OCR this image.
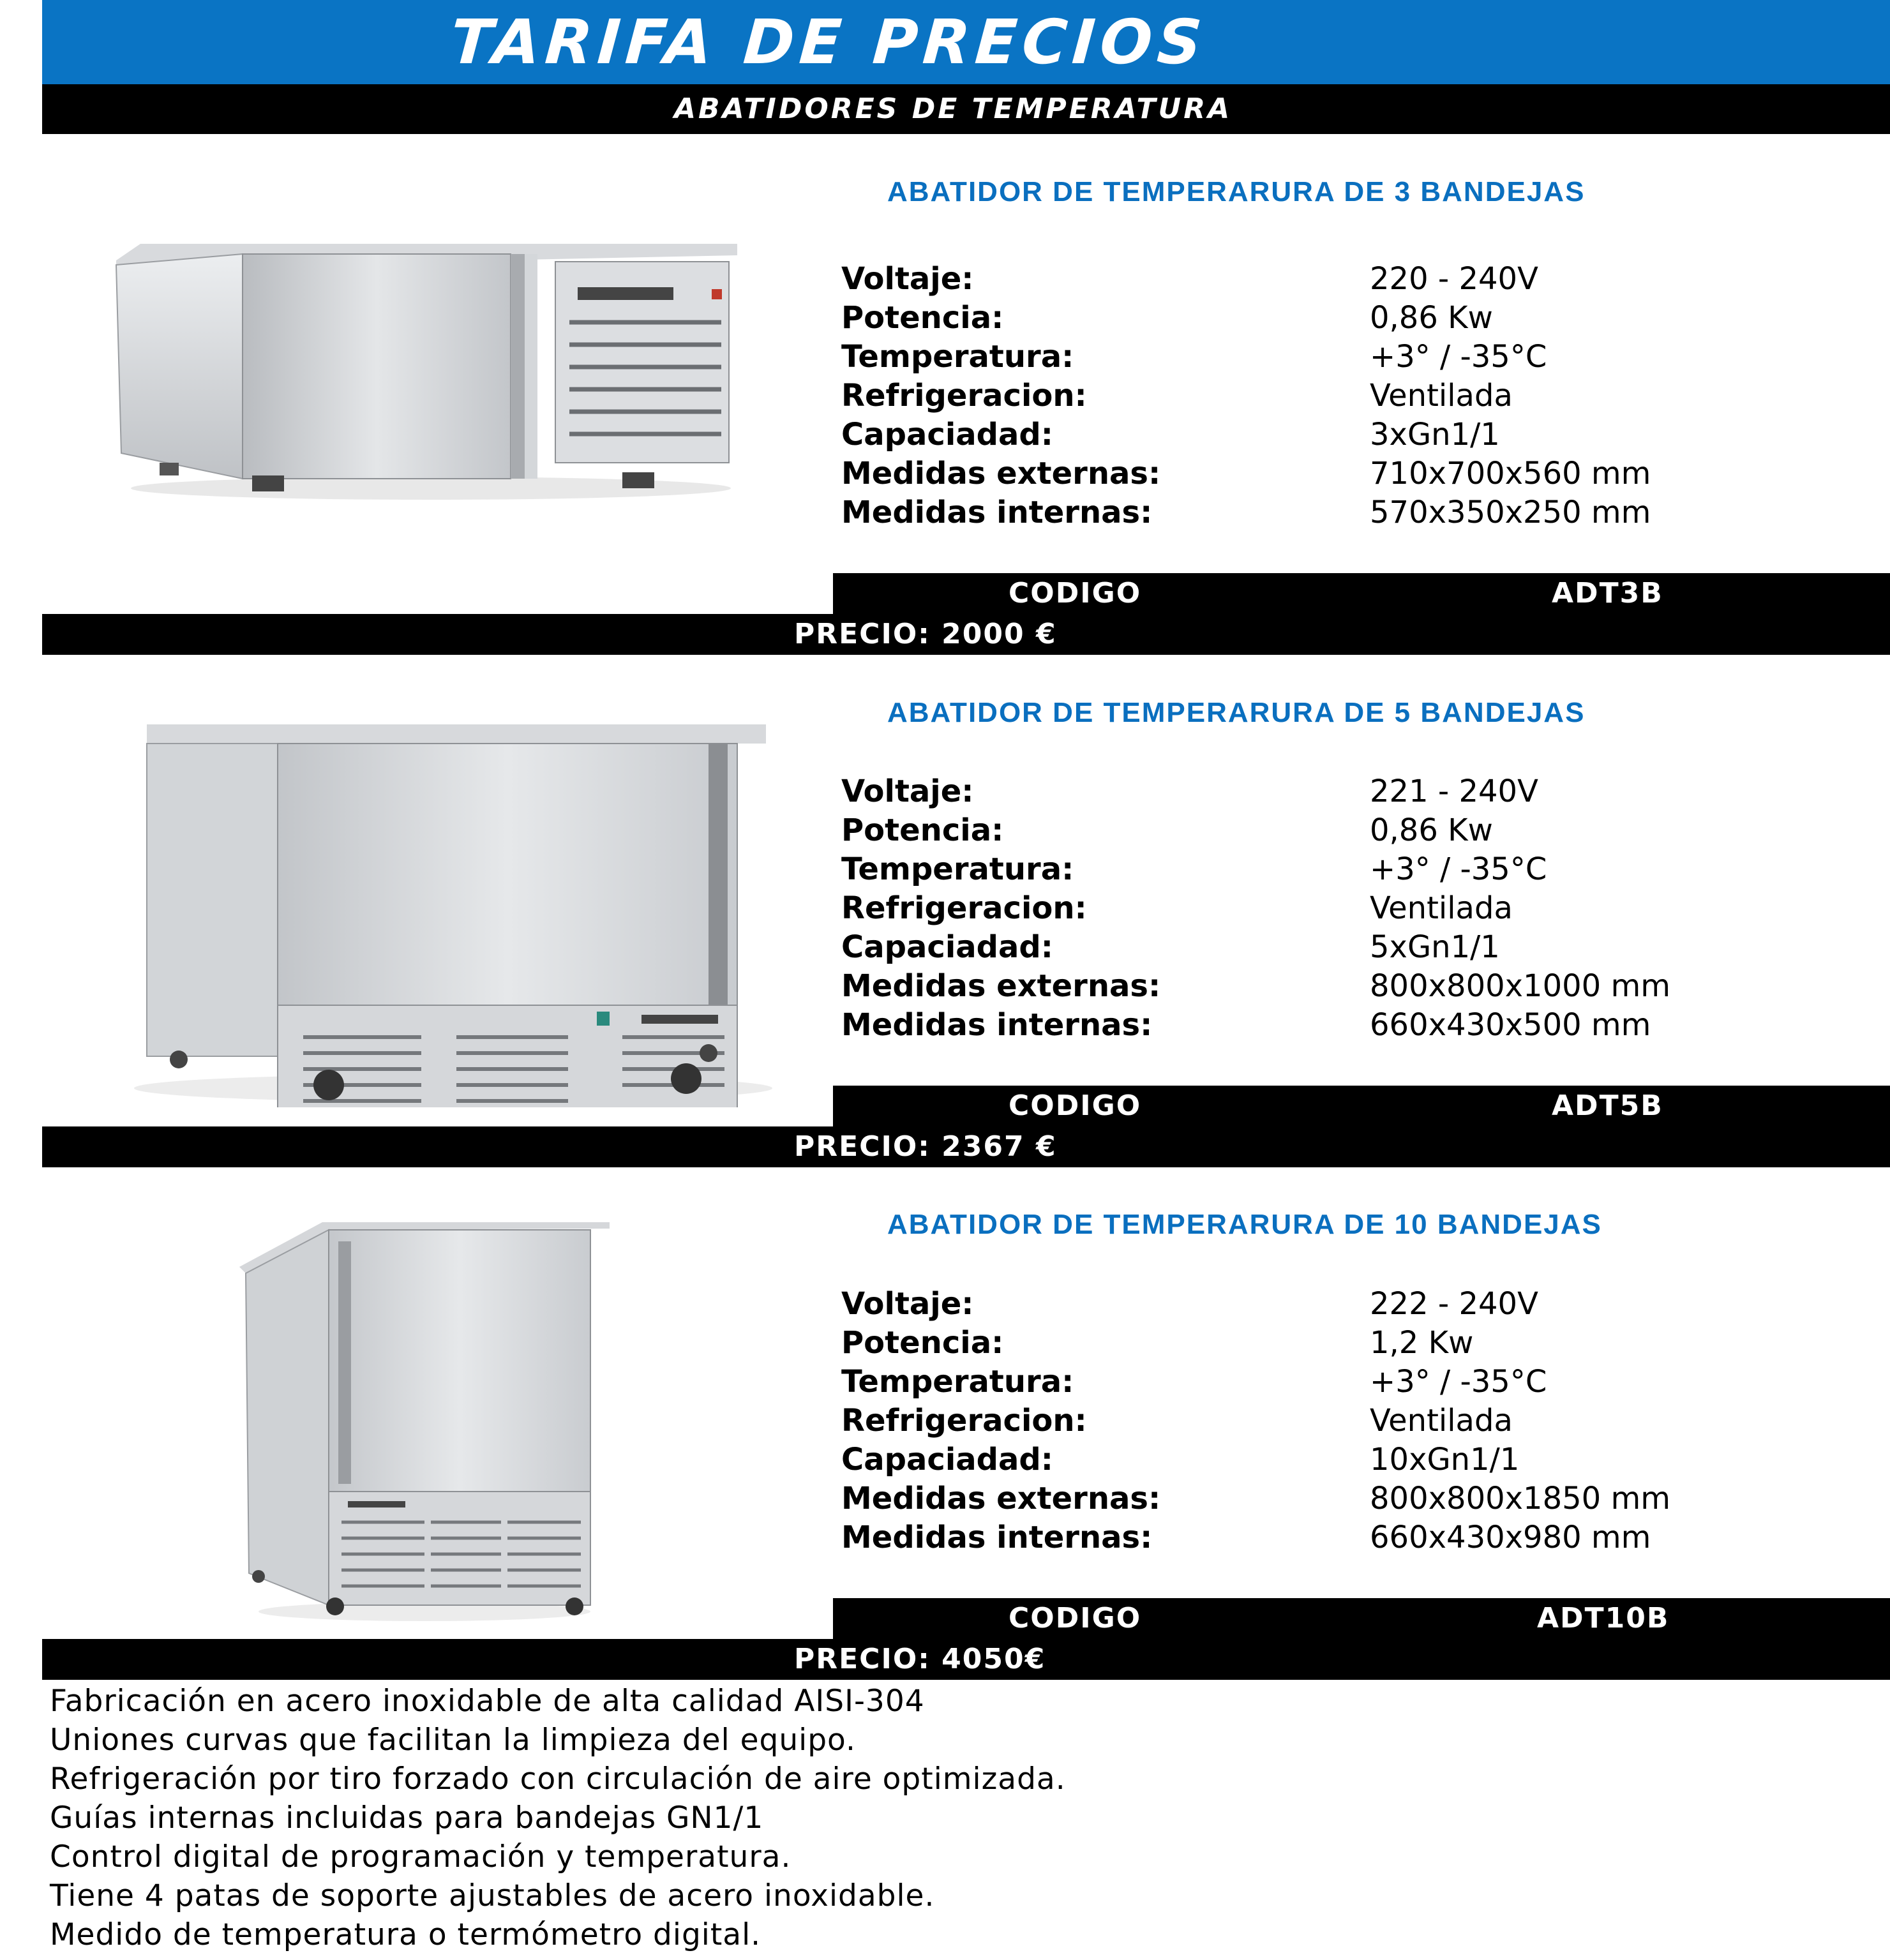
TARIFA DE PRECIOS
ABATIDORES DE TEMPERATURA
ABATIDOR DE TEMPERARURA DE 3 BANDEJAS
Voltaje:	220 - 240V
Potencia:	0,86 Kw
Temperatura:	+3° / -35°C
Refrigeracion:	Ventilada
Capaciadad:	3xGn1/1
Medidas externas:	710x700x560 mm
Medidas internas:	570x350x250 mm
CODIGO	ADT3B
PRECIO: 2000 €
ABATIDOR DE TEMPERARURA DE 5 BANDEJAS
Voltaje:	221 - 240V
Potencia:	0,86 Kw
Temperatura:	+3° / -35°C
Refrigeracion:	Ventilada
Capaciadad:	5xGn1/1
Medidas externas:	800x800x1000 mm
Medidas internas:	660x430x500 mm
CODIGO	ADT5B
PRECIO: 2367 €
ABATIDOR DE TEMPERARURA DE 10 BANDEJAS
Voltaje:	222 - 240V
Potencia:	1,2 Kw
Temperatura:	+3° / -35°C
Refrigeracion:	Ventilada
Capaciadad:	10xGn1/1
Medidas externas:	800x800x1850 mm
Medidas internas:	660x430x980 mm
CODIGO	ADT10B
PRECIO: 4050€
Fabricación en acero inoxidable de alta calidad AISI-304
Uniones curvas que facilitan la limpieza del equipo.
Refrigeración por tiro forzado con circulación de aire optimizada.
Guías internas incluidas para bandejas GN1/1
Control digital de programación y temperatura.
Tiene 4 patas de soporte ajustables de acero inoxidable.
Medido de temperatura o termómetro digital.
